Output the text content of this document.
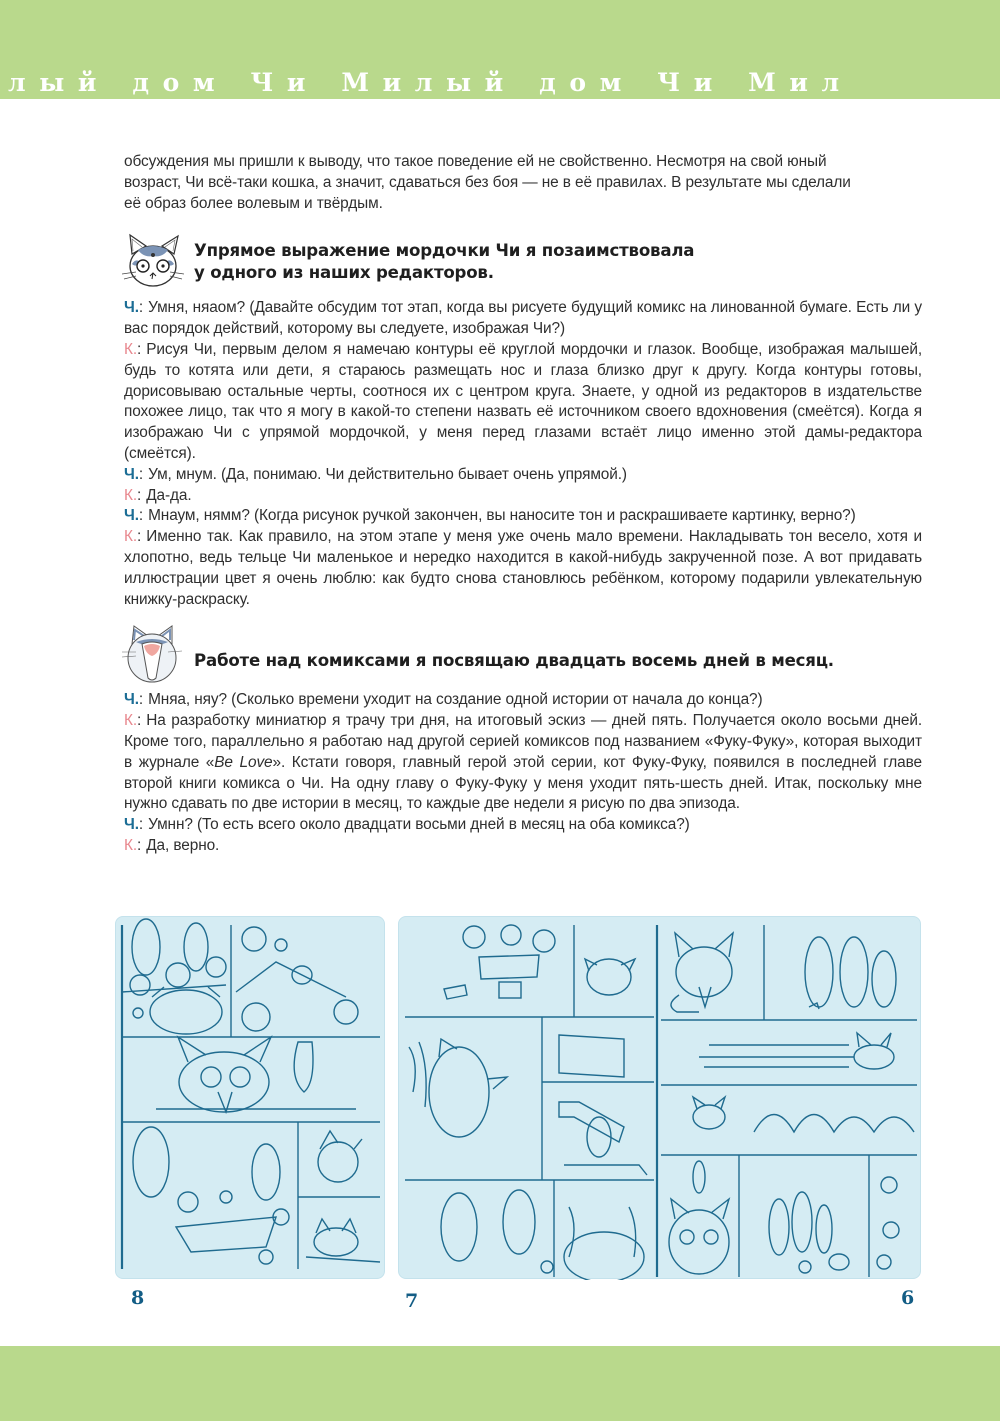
лый дом Чи Милый дом Чи Мил

обсуждения мы пришли к выводу, что такое поведение ей не свойственно. Несмотря на свой юный
возраст, Чи всё-таки кошка, а значит, сдаваться без боя — не в её правилах. В результате мы сделали
её образ более волевым и твёрдым.

Упрямое выражение мордочки Чи я позаимствовала
у одного из наших редакторов.

Ч.: Умня, няаом? (Давайте обсудим тот этап, когда вы рисуете будущий комикс на линованной бумаге. Есть ли у вас порядок действий, которому вы следуете, изображая Чи?)

К.: Рисуя Чи, первым делом я намечаю контуры её круглой мордочки и глазок. Вообще, изображая малышей, будь то котята или дети, я стараюсь размещать нос и глаза близко друг к другу. Когда контуры готовы, дорисовываю остальные черты, соотнося их с центром круга. Знаете, у одной из редакторов в издательстве похожее лицо, так что я могу в какой-то степени назвать её источником своего вдохновения (смеётся). Когда я изображаю Чи с упрямой мордочкой, у меня перед глазами встаёт лицо именно этой дамы-редактора (смеётся).

Ч.: Ум, мнум. (Да, понимаю. Чи действительно бывает очень упрямой.)

К.: Да-да.

Ч.: Мнаум, нямм? (Когда рисунок ручкой закончен, вы наносите тон и раскрашиваете картинку, верно?)

К.: Именно так. Как правило, на этом этапе у меня уже очень мало времени. Накладывать тон весело, хотя и хлопотно, ведь тельце Чи маленькое и нередко находится в какой-нибудь закрученной позе. А вот придавать иллюстрации цвет я очень люблю: как будто снова становлюсь ребёнком, которому подарили увлекательную книжку-раскраску.

Работе над комиксами я посвящаю двадцать восемь дней в месяц.

Ч.: Мняа, няу? (Сколько времени уходит на создание одной истории от начала до конца?)

К.: На разработку миниатюр я трачу три дня, на итоговый эскиз — дней пять. Получается около восьми дней. Кроме того, параллельно я работаю над другой серией комиксов под названием «Фуку-Фуку», которая выходит в журнале «Be Love». Кстати говоря, главный герой этой серии, кот Фуку-Фуку, появился в последней главе второй книги комикса о Чи. На одну главу о Фуку-Фуку у меня уходит пять-шесть дней. Итак, поскольку мне нужно сдавать по две истории в месяц, то каждые две недели я рисую по два эпизода.

Ч.: Умнн? (То есть всего около двадцати восьми дней в месяц на оба комикса?)

К.: Да, верно.

8	7	6
